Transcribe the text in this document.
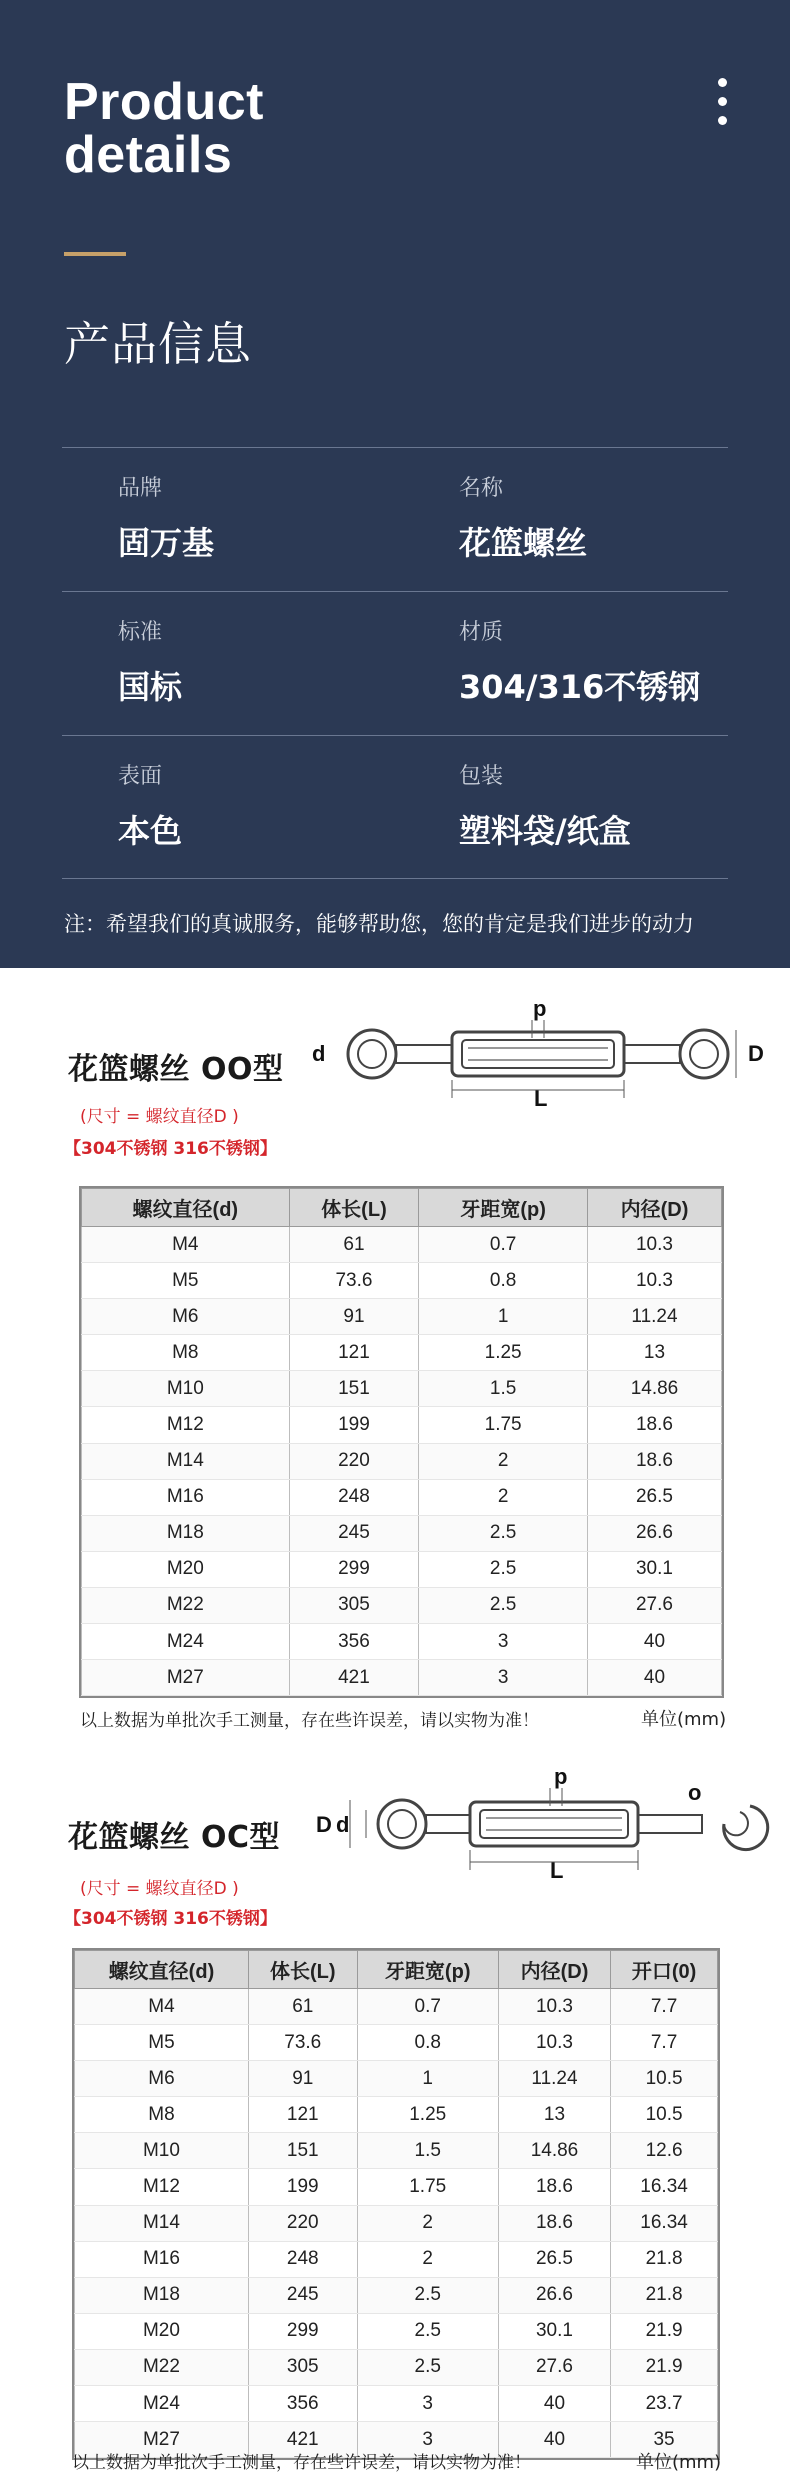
Product
details
产品信息
品牌
固万基
名称
花篮螺丝
标准
国标
材质
304/316不锈钢
表面
本色
包装
塑料袋/纸盒
注：希望我们的真诚服务，能够帮助您，您的肯定是我们进步的动力
花篮螺丝 OO型
(尺寸 = 螺纹直径D )
【304不锈钢 316不锈钢】
p
d	D
L
螺纹直径(d)	体长(L)	牙距宽(p)	内径(D)
M4	61	0.7	10.3
M5	73.6	0.8	10.3
M6	91	1	11.24
M8	121	1.25	13
M10	151	1.5	14.86
M12	199	1.75	18.6
M14	220	2	18.6
M16	248	2	26.5
M18	245	2.5	26.6
M20	299	2.5	30.1
M22	305	2.5	27.6
M24	356	3	40
M27	421	3	40
以上数据为单批次手工测量，存在些许误差，请以实物为准！	单位(mm)
花篮螺丝 OC型
(尺寸 = 螺纹直径D )
【304不锈钢 316不锈钢】
p
D d
o
L
螺纹直径(d)	体长(L)	牙距宽(p)	内径(D)	开口(0)
M4	61	0.7	10.3	7.7
M5	73.6	0.8	10.3	7.7
M6	91	1	11.24	10.5
M8	121	1.25	13	10.5
M10	151	1.5	14.86	12.6
M12	199	1.75	18.6	16.34
M14	220	2	18.6	16.34
M16	248	2	26.5	21.8
M18	245	2.5	26.6	21.8
M20	299	2.5	30.1	21.9
M22	305	2.5	27.6	21.9
M24	356	3	40	23.7
M27	421	3	40	35
以上数据为单批次手工测量，存在些许误差，请以实物为准！	单位(mm)
